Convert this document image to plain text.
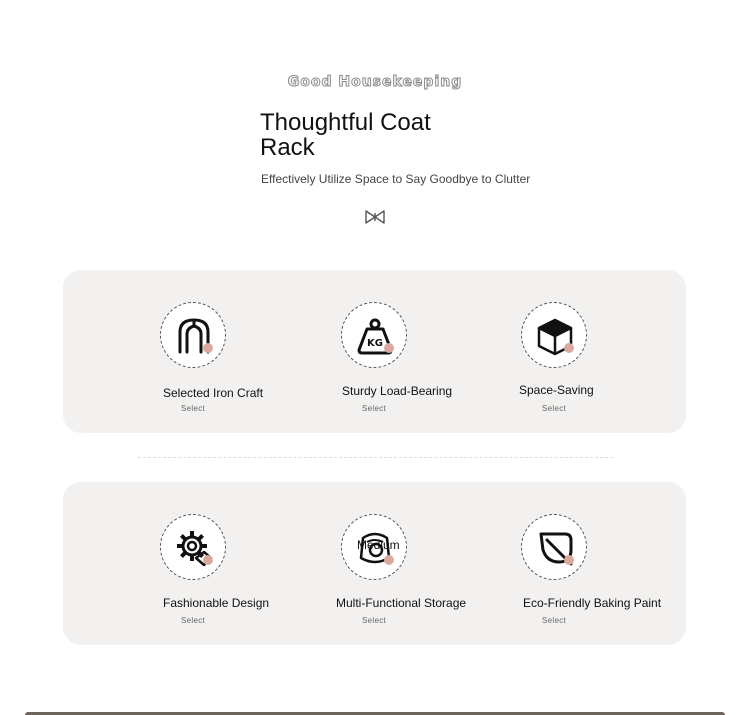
Good Housekeeping
Thoughtful Coat Rack
Effectively Utilize Space to Say Goodbye to Clutter
Selected Iron Craft
Select
KG
Sturdy Load-Bearing
Select
Space-Saving
Select
Fashionable Design
Select
Medium
Multi-Functional Storage
Select
Eco-Friendly Baking Paint
Select
